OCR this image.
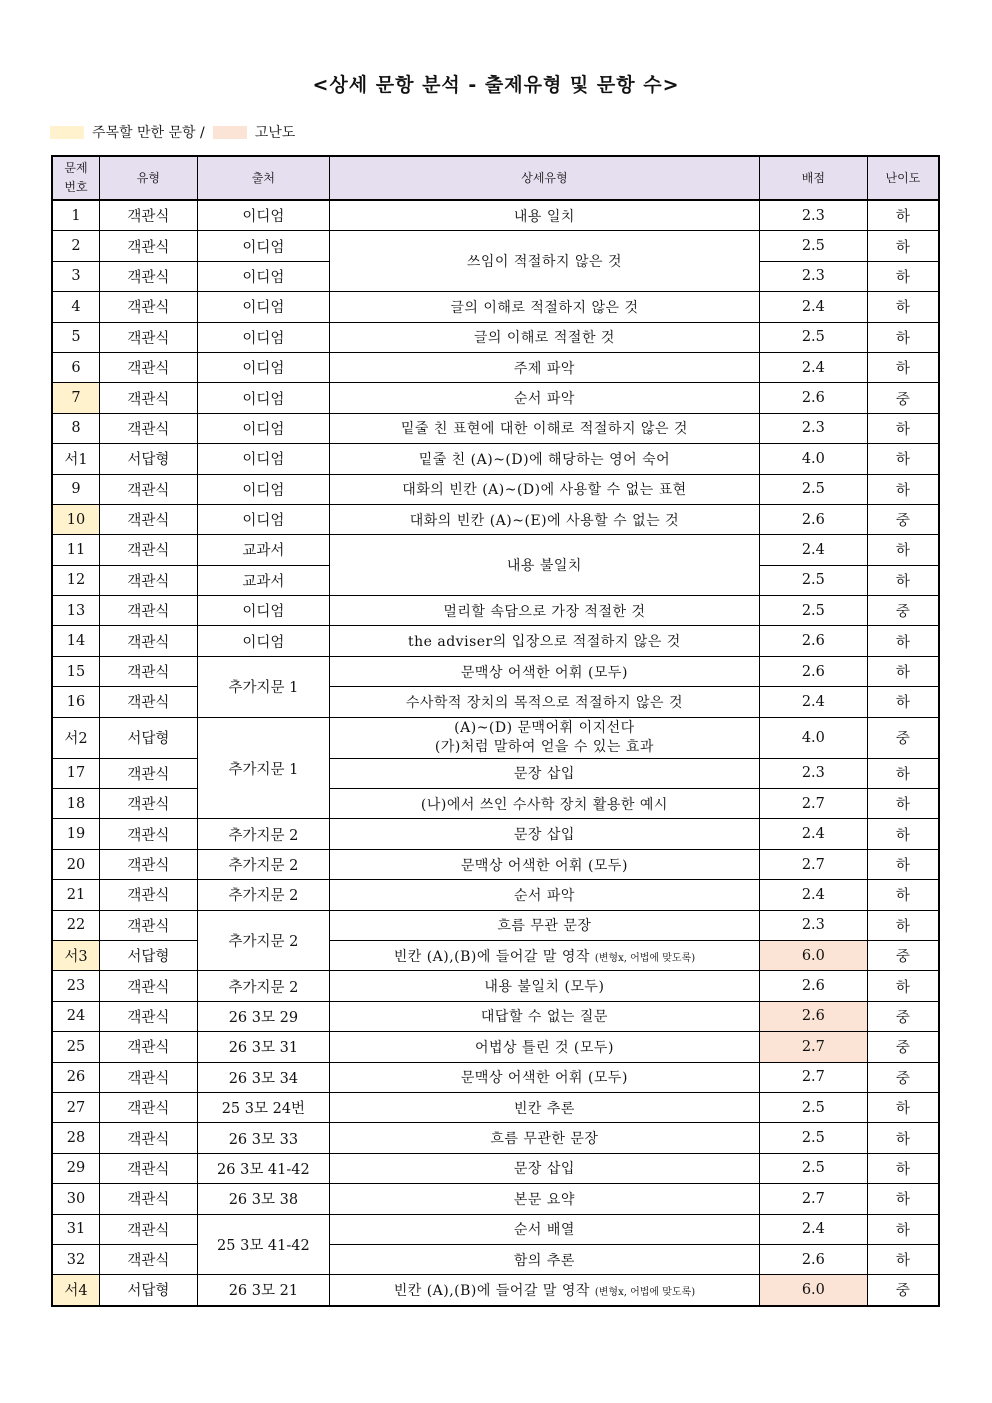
<상세 문항 분석 - 출제유형 및 문항 수>
주목할 만한 문항 /	고난도
문제
번호	유형	출처	상세유형	배점	난이도
1	객관식	이디엄	내용 일치	2.3	하
2	객관식	이디엄	쓰임이 적절하지 않은 것	2.5	하
3	객관식	이디엄		2.3	하
4	객관식	이디엄	글의 이해로 적절하지 않은 것	2.4	하
5	객관식	이디엄	글의 이해로 적절한 것	2.5	하
6	객관식	이디엄	주제 파악	2.4	하
7	객관식	이디엄	순서 파악	2.6	중
8	객관식	이디엄	밑줄 친 표현에 대한 이해로 적절하지 않은 것	2.3	하
서1	서답형	이디엄	밑줄 친 (A)~(D)에 해당하는 영어 숙어	4.0	하
9	객관식	이디엄	대화의 빈칸 (A)~(D)에 사용할 수 없는 표현	2.5	하
10	객관식	이디엄	대화의 빈칸 (A)~(E)에 사용할 수 없는 것	2.6	중
11	객관식	교과서	내용 불일치	2.4	하
12	객관식	교과서		2.5	하
13	객관식	이디엄	멀리할 속담으로 가장 적절한 것	2.5	중
14	객관식	이디엄	the adviser의 입장으로 적절하지 않은 것	2.6	하
15	객관식	추가지문 1	문맥상 어색한 어휘 (모두)	2.6	하
16	객관식		수사학적 장치의 목적으로 적절하지 않은 것	2.4	하
서2	서답형	추가지문 1	(A)~(D) 문맥어휘 이지선다
(가)처럼 말하여 얻을 수 있는 효과	4.0	중
17	객관식		문장 삽입	2.3	하
18	객관식		(나)에서 쓰인 수사학 장치 활용한 예시	2.7	하
19	객관식	추가지문 2	문장 삽입	2.4	하
20	객관식	추가지문 2	문맥상 어색한 어휘 (모두)	2.7	하
21	객관식	추가지문 2	순서 파악	2.4	하
22	객관식	추가지문 2	흐름 무관 문장	2.3	하
서3	서답형		빈칸 (A),(B)에 들어갈 말 영작 (변형x, 어법에 맞도록)	6.0	중
23	객관식	추가지문 2	내용 불일치 (모두)	2.6	하
24	객관식	26 3모 29	대답할 수 없는 질문	2.6	중
25	객관식	26 3모 31	어법상 틀린 것 (모두)	2.7	중
26	객관식	26 3모 34	문맥상 어색한 어휘 (모두)	2.7	중
27	객관식	25 3모 24번	빈칸 추론	2.5	하
28	객관식	26 3모 33	흐름 무관한 문장	2.5	하
29	객관식	26 3모 41-42	문장 삽입	2.5	하
30	객관식	26 3모 38	본문 요약	2.7	하
31	객관식	25 3모 41-42	순서 배열	2.4	하
32	객관식		함의 추론	2.6	하
서4	서답형	26 3모 21	빈칸 (A),(B)에 들어갈 말 영작 (변형x, 어법에 맞도록)	6.0	중
